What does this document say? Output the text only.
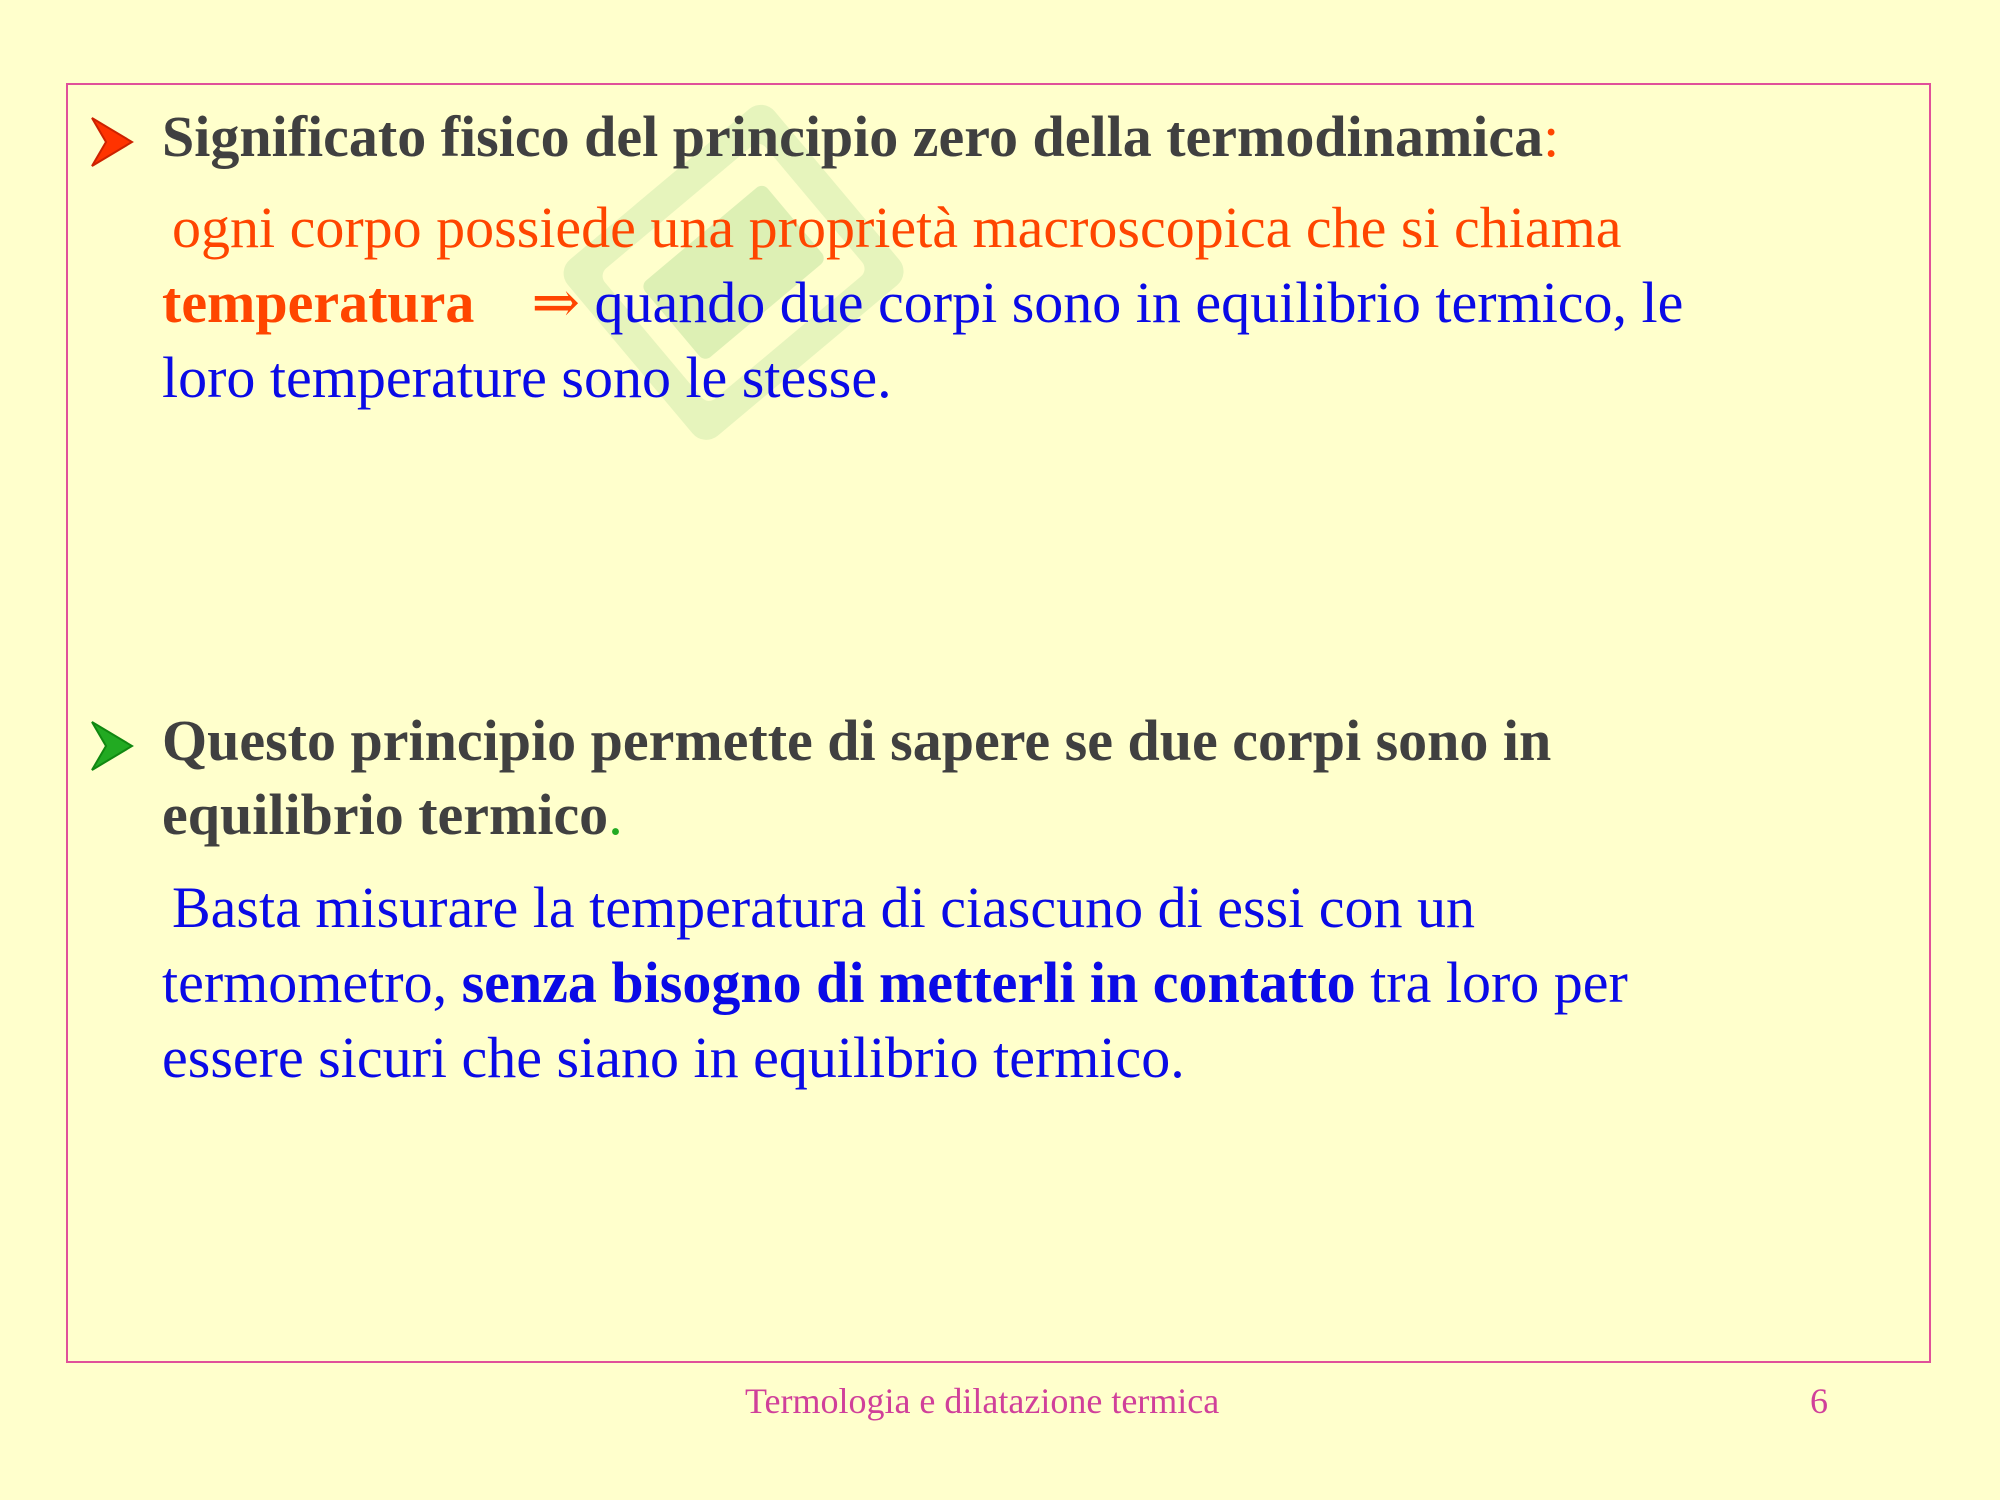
Significato fisico del principio zero della termodinamica:
ogni corpo possiede una proprietà macroscopica che si chiama
temperatura ⇒ quando due corpi sono in equilibrio termico, le
loro temperature sono le stesse.
Questo principio permette di sapere se due corpi sono in
equilibrio termico.
Basta misurare la temperatura di ciascuno di essi con un
termometro, senza bisogno di metterli in contatto tra loro per
essere sicuri che siano in equilibrio termico.
Termologia e dilatazione termica	6
